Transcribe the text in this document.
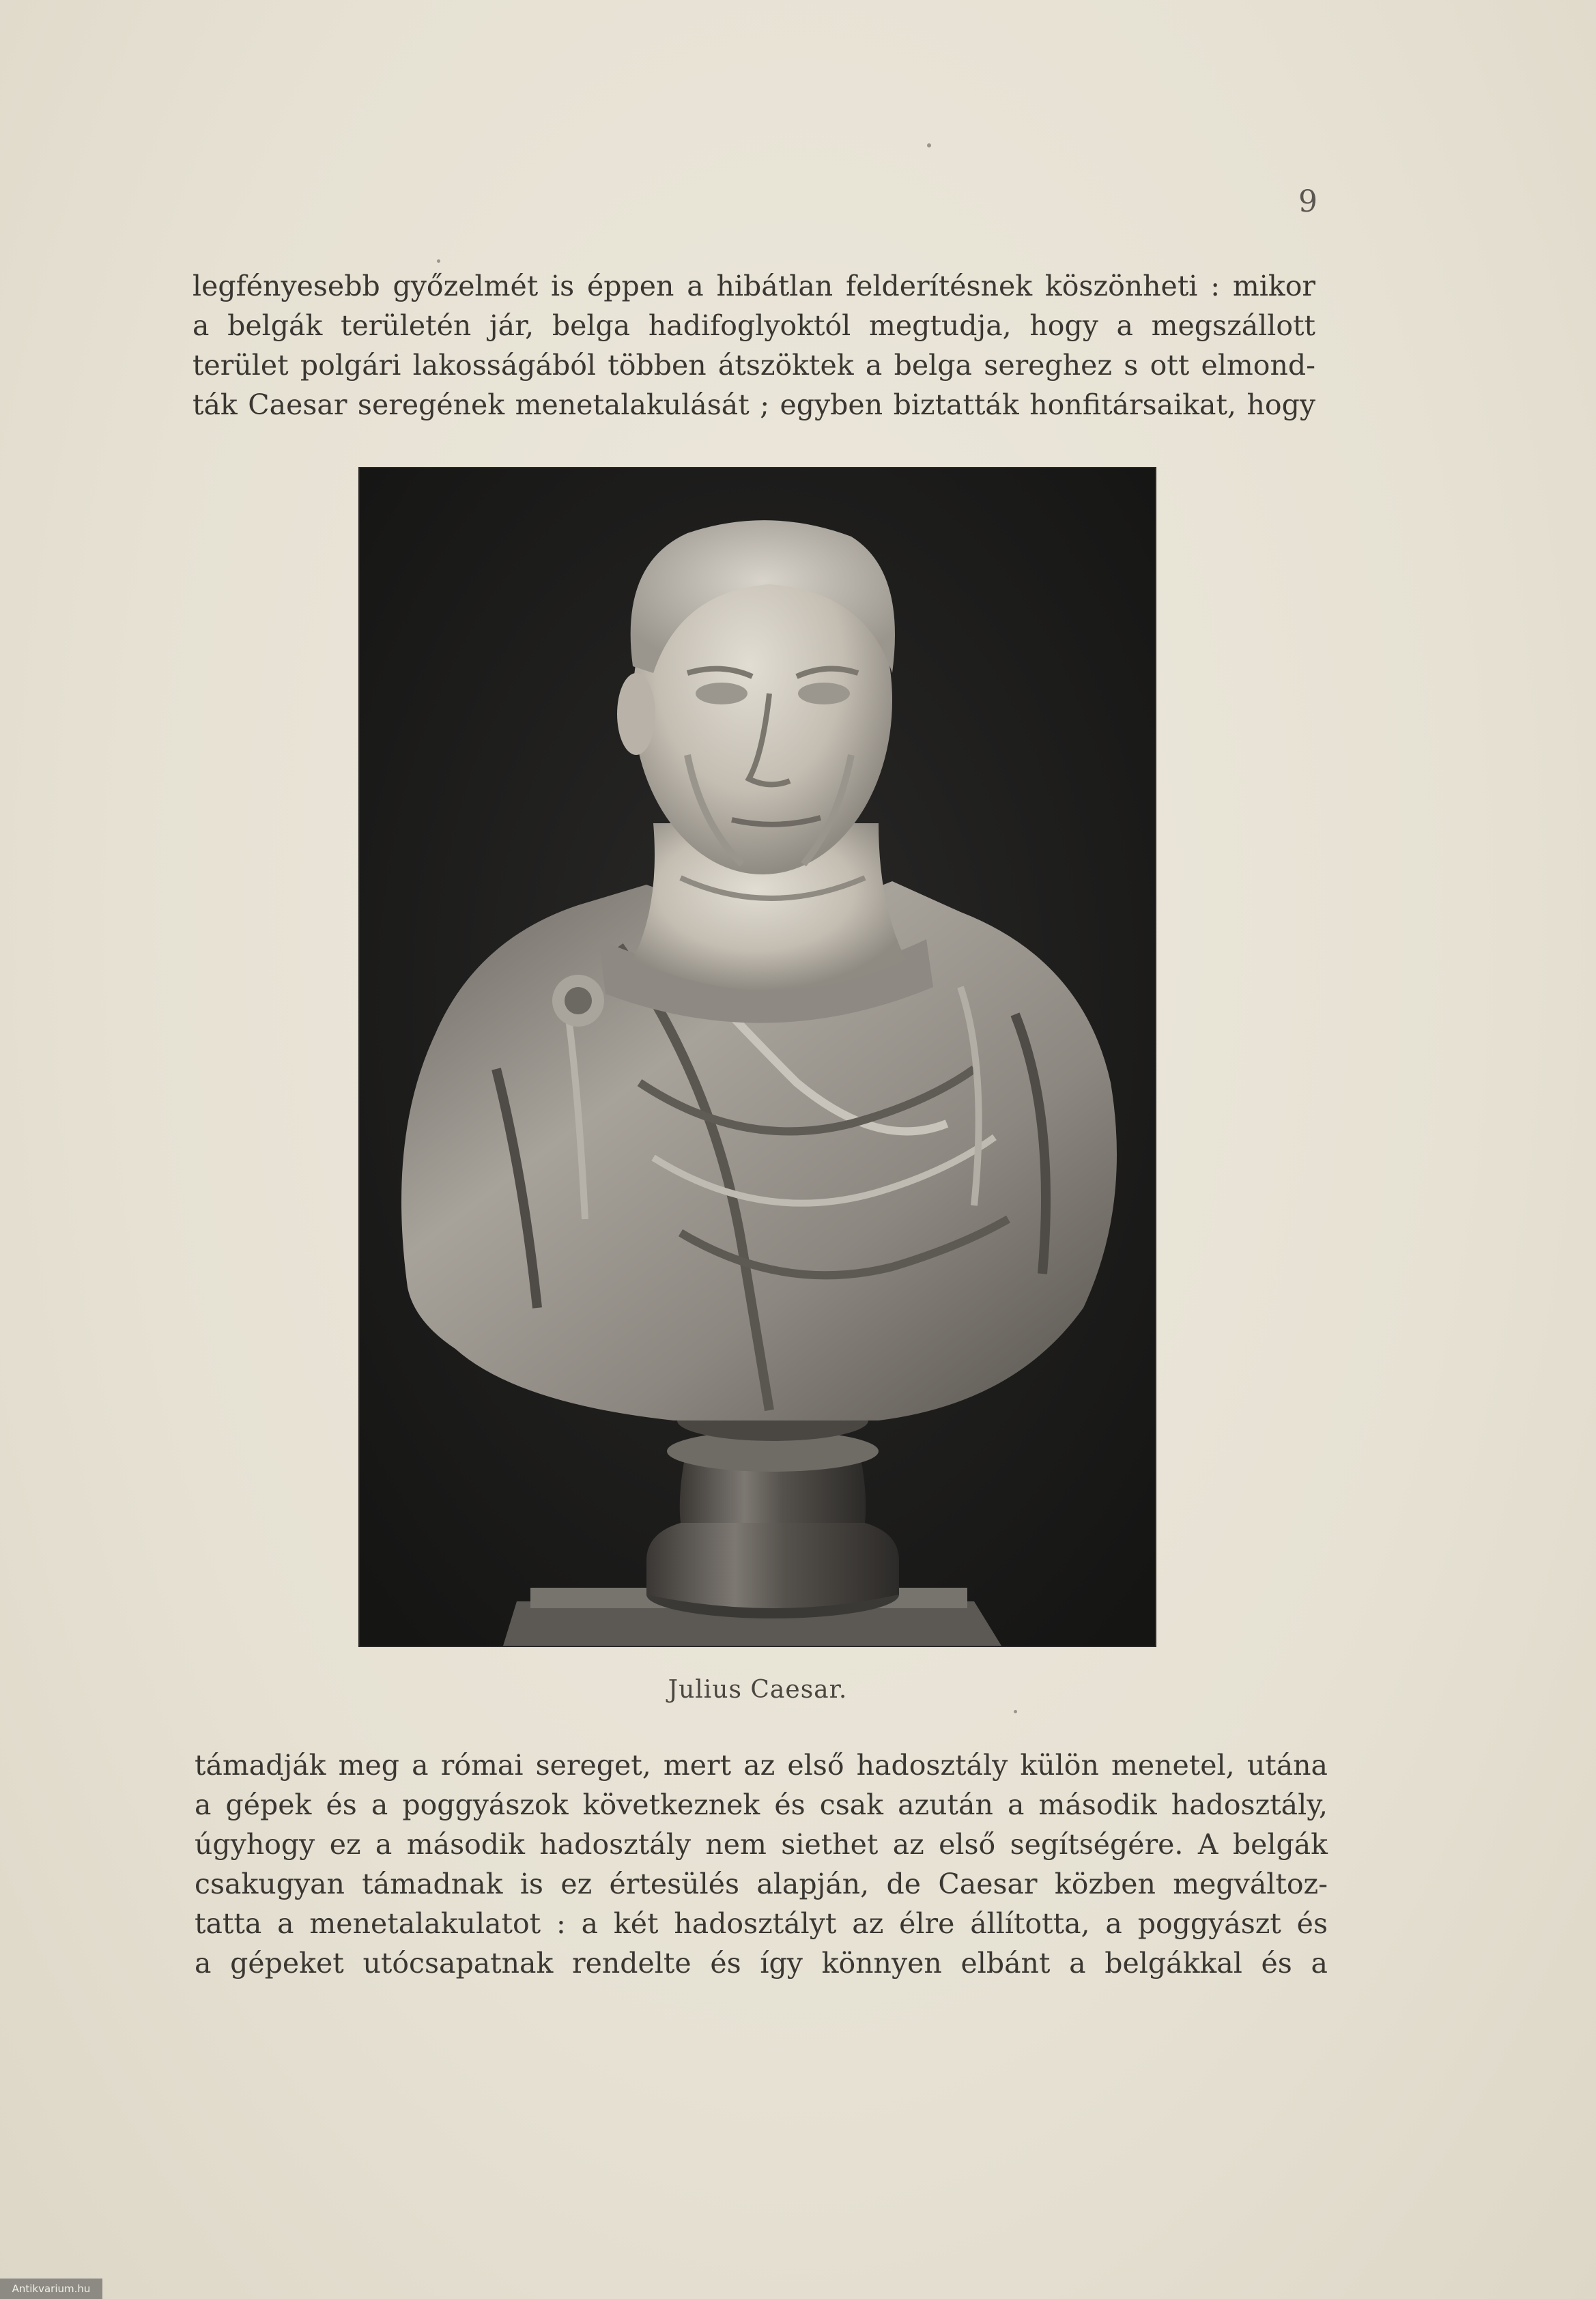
9
legfényesebb győzelmét is éppen a hibátlan felderítésnek köszönheti : mikor
a belgák területén jár, belga hadifoglyoktól megtudja, hogy a megszállott
terület polgári lakosságából többen átszöktek a belga sereghez s ott elmond-
ták Caesar seregének menetalakulását ; egyben biztatták honfitársaikat, hogy
Julius Caesar.
támadják meg a római sereget, mert az első hadosztály külön menetel, utána
a gépek és a poggyászok következnek és csak azután a második hadosztály,
úgyhogy ez a második hadosztály nem siethet az első segítségére. A belgák
csakugyan támadnak is ez értesülés alapján, de Caesar közben megváltoz-
tatta a menetalakulatot : a két hadosztályt az élre állította, a poggyászt és
a gépeket utócsapatnak rendelte és így könnyen elbánt a belgákkal és a
Antikvarium.hu
